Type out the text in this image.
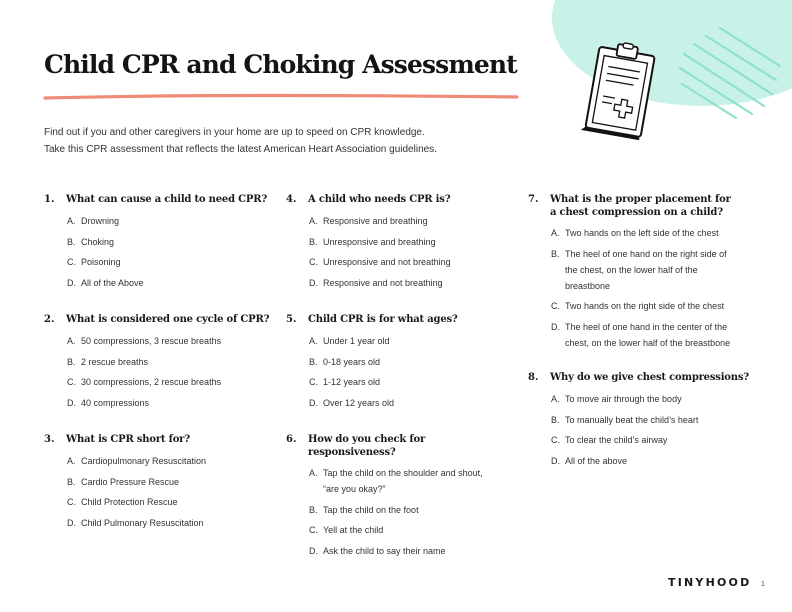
Child CPR and Choking Assessment
Find out if you and other caregivers in your home are up to speed on CPR knowledge.
Take this CPR assessment that reflects the latest American Heart Association guidelines.
1. What can cause a child to need CPR?
A. Drowning
B. Choking
C. Poisoning
D. All of the Above
2. What is considered one cycle of CPR?
A. 50 compressions, 3 rescue breaths
B. 2 rescue breaths
C. 30 compressions, 2 rescue breaths
D. 40 compressions
3. What is CPR short for?
A. Cardiopulmonary Resuscitation
B. Cardio Pressure Rescue
C. Child Protection Rescue
D. Child Pulmonary Resuscitation
4. A child who needs CPR is?
A. Responsive and breathing
B. Unresponsive and breathing
C. Unresponsive and not breathing
D. Responsive and not breathing
5. Child CPR is for what ages?
A. Under 1 year old
B. 0-18 years old
C. 1-12 years old
D. Over 12 years old
6. How do you check for responsiveness?
A. Tap the child on the shoulder and shout, “are you okay?”
B. Tap the child on the foot
C. Yell at the child
D. Ask the child to say their name
7. What is the proper placement for a chest compression on a child?
A. Two hands on the left side of the chest
B. The heel of one hand on the right side of the chest, on the lower half of the breastbone
C. Two hands on the right side of the chest
D. The heel of one hand in the center of the chest, on the lower half of the breastbone
8. Why do we give chest compressions?
A. To move air through the body
B. To manually beat the child’s heart
C. To clear the child’s airway
D. All of the above
TINYHOOD 1
